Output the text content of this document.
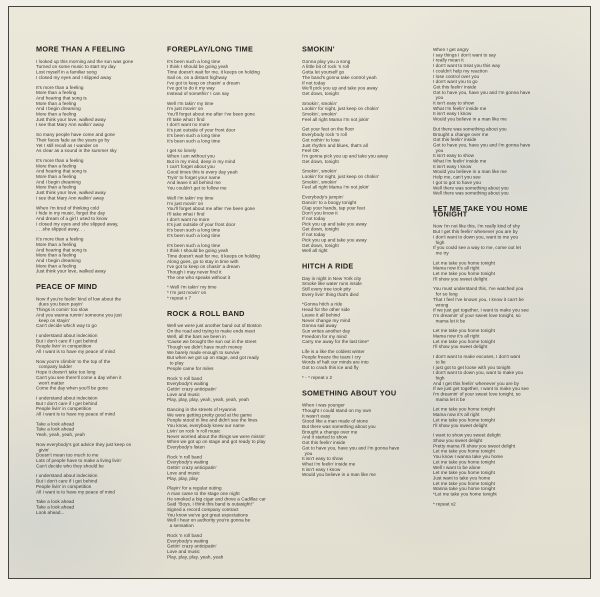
MORE THAN A FEELING
I looked up this morning and the sun was gone
Turned on some music to start my day
Lost myself in a familiar song
I closed my eyes and I slipped away
It's more than a feeling
More than a feeling
And hearing that song is
More than a feeling
And I begin dreaming
More than a feeling
Just think your love, walked away
I see that Mary Ann walkin' away
So many people have come and gone
Their faces fade as the years go by
Yet I still recall as I wander on
As clear as a sound in the summer sky
It's more than a feeling
More than a feeling
And hearing that song is
More than a feeling
And I begin dreaming
More than a feeling
Just think your love, walked away
I see that Mary Ann walkin' away
When I'm tired of thinking cold
I hide in my music, forget the day
And dream of a girl I used to know
I closed my eyes and she slipped away,
. . .she slipped away. . .
It's more than a feeling
More than a feeling
And hearing that song is
More than a feeling
And I begin dreaming
More than a feeling
Just think your love, walked away
PEACE OF MIND
Now if you're feelin' kind of low about the
dues you been payin'
Things is comin' too slow
And you wanna runnin' someone you just
keep on stayin'
Can't decide which way to go
I understand about indecision
But I don't care if I get behind
People livin' in competition
All I want is to have my peace of mind
Now you're climbin' to the top of the
company ladder
Hope it doesn't take too long
Can't you see there'll come a day when it
won't matter
Come the day when you'll be gone
I understand about indecision
But I don't care if I get behind
People livin' in competition
All I want is to have my peace of mind
Take a look ahead
Take a look ahead
Yeah, yeah, yeah, yeah
Now everybody's got advice they just keep on
givin'
Doesn't mean too much to me
Lots of people have to make a living livin'
Can't decide who they should be
I understand about indecision
But I don't care if I get behind
People livin' in competition
All I want is to have my peace of mind
Take a look ahead
Take a look ahead
Look ahead...
FOREPLAY/LONG TIME
It's been such a long time
I think I should be going yeah
Time doesn't wait for me, it keeps on holding
Sail on, on a distant highway
I've got to keep on chasin' a dream
I've got to do it my way
Instead of somethin' I can say
Well I'm takin' my time
I'm just movin' on
You'll forget about me after I've been gone
I'll take what I find
I don't want no more
It's just outside of your front door
It's been such a long time
It's been such a long time
I get so lonely
When I am without you
But in my mind, deep in my mind
I can't forget about you
Good times this is every day yeah
Tryin' to forget your name
And leave it all behind me
You couldn't get to follow me
Well I'm takin' my time
I'm just movin' on
You'll forget about me after I've been gone
I'll take what I find
I don't want no more
It's just outside of your front door
It's been such a long time
It's been such a long time
It's been such a long time
I think I should be going yeah
Time doesn't wait for me, it keeps on holding
Along goes, go to stay in time with
I've got to keep on chasin' a dream
Though I may never find it
The one who speaks without it
* Well I'm takin' my time
* I'm just movin' on
* repeat x 7
ROCK & ROLL BAND
Well we were just another band out of Boston
On the road and trying to make ends meet
Well, all the bars we been in
'Cause we brought the sun out in the street
Though we didn't have much money
We barely made enough to survive
But when we got up on stage, and got ready
to play
People came for miles
Rock 'n roll band
Everybody's waiting
Gettin' crazy anticipatin'
Love and music
Play, play, play, yeah, yeah, yeah, yeah
Dancing in the streets of Hyannis
We were getting pretty good at the game
People stood in line and didn't see the lines
You know, everybody knew our name
Livin' on rock 'n roll music
Never worried about the things we were missin'
When we got up on stage and got ready to play
Everybody's listen
Rock 'n roll band
Everybody's waiting
Gettin' crazy anticipatin'
Love and music
Play, play, play
Playin' for a regular outing
A man came to the stage one night
He smoked a big cigar and drove a Cadillac car
Said "Boys, I think this band is outasight!"
Signed a record company contract
You know we've got great expectations
Well I hear on authority you're gonna be
a sensation
Rock 'n roll band
Everybody's waiting
Gettin' crazy anticipatin'
Love and music
Play, play, play, yeah, yeah
SMOKIN'
Gonna play you a song
A little bit of rock 'n roll
Gotta let yourself go
The band's gonna take control yeah
If not today
We'll pick you up and take you away
Get down, tonight
Smokin', smokin'
Lookin' for night, just keep on chokin'
Smokin', smokin'
Feel all right Mama I'm not jokin'
Get your feet on the floor
Everybody rock 'n roll
Got nothin' to lose
Just rhythm and blues, that's all
Feel OK
I'm gonna pick you up and take you away
Get down, tonight
Smokin', smokin'
Lookin' for night, just keep on chokin'
Smokin', smokin'
Feel all right Mama I'm not jokin'
Everybody's jumpin'
Dancin' to a boogy tonight
Clap your hands, tap your feet
Don't you know it
If not today
Pick you up and take you away
Get down, tonight
If not today
Pick you up and take you away
Get down, tonight
Well all right
HITCH A RIDE
Day is night in New York city
Smoke like water runs inside
Still every tree took pity
Every livin' thing that's died
*Gonna hitch a ride
Head for the other side
Leave it all behind
Never change my mind
Gonna sail away
Sun writes another day
Freedom for my mind
Carry me away for the last time*
Life is a like the coldest winter
People freeze the tears I cry
Words of halt our minds are into
Got to crack this ice and fly
* - * repeat x 2
SOMETHING ABOUT YOU
When I was younger
Thought I could stand on my own
It wasn't easy
Stood like a man made of stone
But there was something about you
Brought a change over me
And it started to show
Got this feelin' inside
Got to have you, have you and I'm gonna have
you
It isn't easy to show
What I'm feelin' inside me
It isn't easy I know
Would you believe in a man like me
When I get angry
I say things I don't want to say
I really mean it
I don't want to treat you this way
I couldn't help my reaction
I lose control over you
I don't want you to go
Got this feelin' inside
Got to have you, have you and I'm gonna have
you
It isn't easy to show
What I'm feelin' inside me
It isn't easy I know
Would you believe in a man like me
But there was something about you
Brought a change over me
Got this feelin' inside
Got to have you, have you and I'm gonna have
you
It isn't easy to show
What I'm feelin' inside me
It isn't easy I know
Would you believe in a man like me
Help me, can't you see
I got to got to have you
Well there was something about you
Well there was something about you
LET ME TAKE YOU HOME TONIGHT
Now I'm not like this, I'm really kind of shy
But I get this feelin' whenever you are by
I don't want to down you, want to me you
high
If you could see a way to me, come out let
me try
Let me take you home tonight
Mama now it's all right
Let me take you home tonight
I'll show you sweet delight
You must understand this, I've watched you
for so long
That I feel I've known you, I know it can't be
wrong
If we just get together, I want to make you see
I'm dreamin' of your sweet love tonight, so
mama let it be
Let me take you home tonight
Mama now it's all right
Let me take you home tonight
I'll show you sweet delight
I don't want to make excuses, I don't want
to lie
I just got to get loose with you tonight
I don't want to down you, want to make you
high
And I get this feelin' whenever you are by
If we just get together, I want to make you see
I'm dreamin' of your sweet love tonight, so
mama let it be
Let me take you home tonight
Mama now it's all right
Let me take you home tonight
I'll show you sweet delight
I want to show you sweet delight
Show you sweet delight
Pretty mama I'll show you sweet delight
Let me take you home tonight
You know I wanna take you home
Let me take you home tonight
Well I want to be alone
Let me take you home tonight
Just want to take you home
Let me take you home tonight
Wanna take you home tonight
*Let me take you home tonight
* repeat x2
